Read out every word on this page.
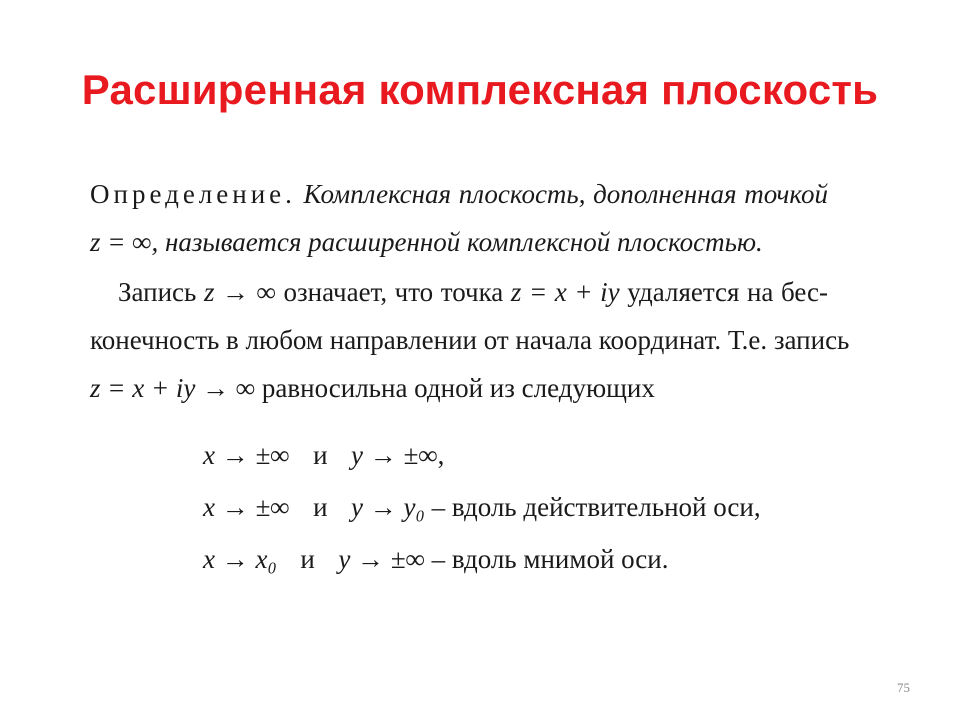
Расширенная комплексная плоскость
Определение. Комплексная плоскость, дополненная точкой
z = ∞, называется расширенной комплексной плоскостью.
Запись z → ∞ означает, что точка z = x + iy удаляется на бес-
конечность в любом направлении от начала координат. Т.е. запись
z = x + iy → ∞ равносильна одной из следующих
x → ±∞ и y → ±∞,
x → ±∞ и y → y₀ – вдоль действительной оси,
x → x₀ и y → ±∞ – вдоль мнимой оси.
75
